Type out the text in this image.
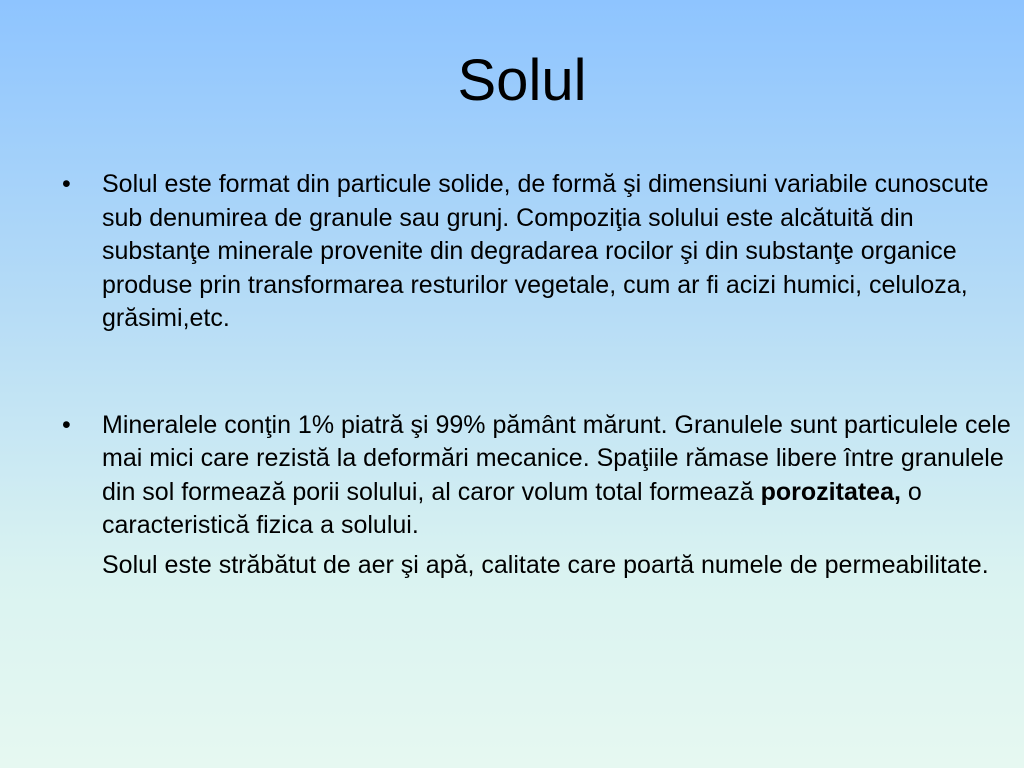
Solul
•	Solul este format din particule solide, de formă şi dimensiuni variabile cunoscute sub denumirea de granule sau grunj. Compoziţia solului este alcătuită din substanţe minerale provenite din degradarea rocilor şi din substanţe organice produse prin transformarea resturilor vegetale, cum ar fi acizi humici, celuloza, grăsimi,etc.

•	Mineralele conţin 1% piatră şi 99% pământ mărunt. Granulele sunt particulele cele mai mici care rezistă la deformări mecanice. Spaţiile rămase libere între granulele din sol formează porii solului, al caror volum total formează porozitatea, o caracteristică fizica a solului.

Solul este străbătut de aer şi apă, calitate care poartă numele de permeabilitate.
